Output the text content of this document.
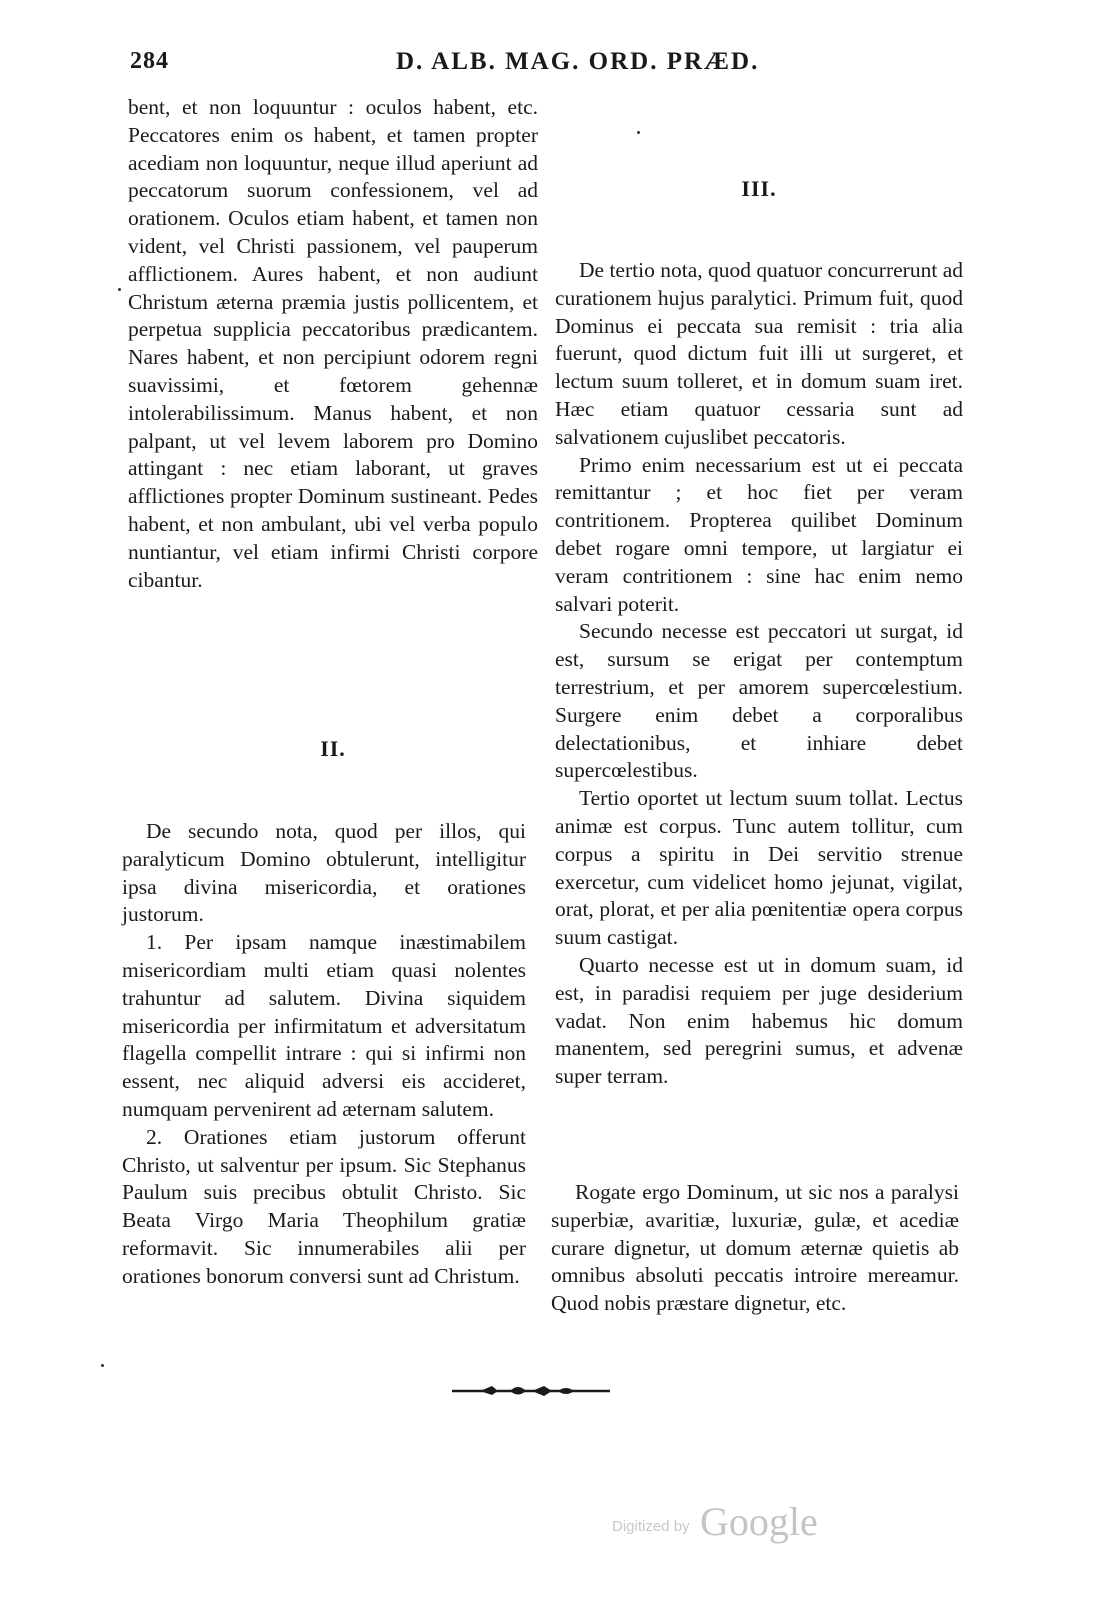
284	D. ALB. MAG. ORD. PRÆD.

bent, et non loquuntur : oculos habent, etc. Peccatores enim os habent, et tamen propter acediam non loquuntur, neque illud aperiunt ad peccatorum suorum confessionem, vel ad orationem. Oculos etiam habent, et tamen non vident, vel Christi passionem, vel pauperum afflictionem. Aures habent, et non audiunt Christum æterna præmia justis pollicentem, et perpetua supplicia peccatoribus prædicantem. Nares habent, et non percipiunt odorem regni suavissimi, et fœtorem gehennæ intolerabilissimum. Manus habent, et non palpant, ut vel levem laborem pro Domino attingant : nec etiam laborant, ut graves afflictiones propter Dominum sustineant. Pedes habent, et non ambulant, ubi vel verba populo nuntiantur, vel etiam infirmi Christi corpore cibantur.

II.

De secundo nota, quod per illos, qui paralyticum Domino obtulerunt, intelligitur ipsa divina misericordia, et orationes justorum.

1. Per ipsam namque inæstimabilem misericordiam multi etiam quasi nolentes trahuntur ad salutem. Divina siquidem misericordia per infirmitatum et adversitatum flagella compellit intrare : qui si infirmi non essent, nec aliquid adversi eis accideret, numquam pervenirent ad æternam salutem.

2. Orationes etiam justorum offerunt Christo, ut salventur per ipsum. Sic Stephanus Paulum suis precibus obtulit Christo. Sic Beata Virgo Maria Theophilum gratiæ reformavit. Sic innumerabiles alii per orationes bonorum conversi sunt ad Christum.

III.

De tertio nota, quod quatuor concurrerunt ad curationem hujus paralytici. Primum fuit, quod Dominus ei peccata sua remisit : tria alia fuerunt, quod dictum fuit illi ut surgeret, et lectum suum tolleret, et in domum suam iret. Hæc etiam quatuor cessaria sunt ad salvationem cujuslibet peccatoris.

Primo enim necessarium est ut ei peccata remittantur ; et hoc fiet per veram contritionem. Propterea quilibet Dominum debet rogare omni tempore, ut largiatur ei veram contritionem : sine hac enim nemo salvari poterit.

Secundo necesse est peccatori ut surgat, id est, sursum se erigat per contemptum terrestrium, et per amorem supercœlestium. Surgere enim debet a corporalibus delectationibus, et inhiare debet supercœlestibus.

Tertio oportet ut lectum suum tollat. Lectus animæ est corpus. Tunc autem tollitur, cum corpus a spiritu in Dei servitio strenue exercetur, cum videlicet homo jejunat, vigilat, orat, plorat, et per alia pœnitentiæ opera corpus suum castigat.

Quarto necesse est ut in domum suam, id est, in paradisi requiem per juge desiderium vadat. Non enim habemus hic domum manentem, sed peregrini sumus, et advenæ super terram.

Rogate ergo Dominum, ut sic nos a paralysi superbiæ, avaritiæ, luxuriæ, gulæ, et acediæ curare dignetur, ut domum æternæ quietis ab omnibus absoluti peccatis introire mereamur. Quod nobis præstare dignetur, etc.

Digitized by Google
